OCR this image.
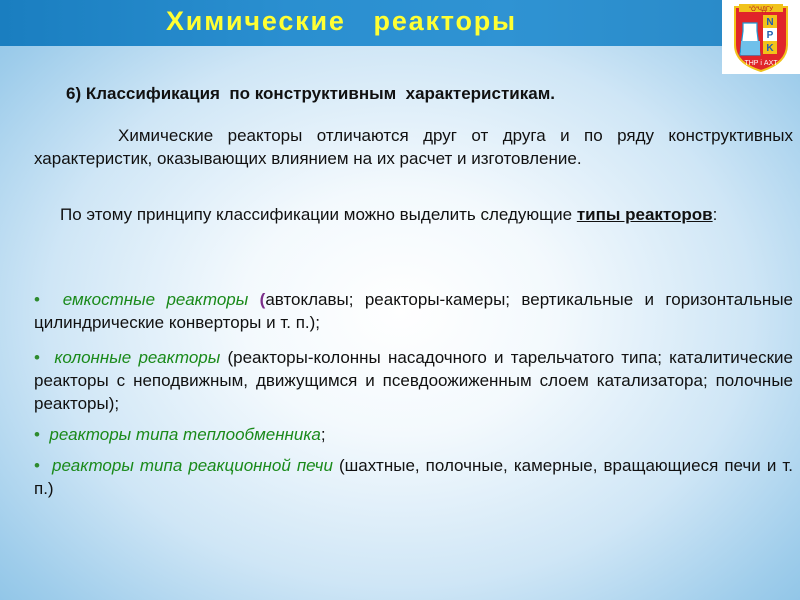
Химические   реакторы	"Ӧ"ЧДГУ
N
P
K
ТНР і АХТ
6) Классификация  по конструктивным  характеристикам.
Химические реакторы отличаются друг от друга и по ряду конструктивных характеристик, оказывающих влиянием на их расчет и изготовление.
По этому принципу классификации можно выделить следующие типы реакторов:
• емкостные реакторы (автоклавы; реакторы-камеры; вертикальные и горизонтальные цилиндрические конверторы и т. п.);
• колонные реакторы (реакторы-колонны насадочного и тарельчатого типа; каталитические реакторы с неподвижным, движущимся и псевдоожиженным слоем катализатора; полочные реакторы);
• реакторы типа теплообменника;
• реакторы типа реакционной печи (шахтные, полочные, камерные, вращающиеся печи и т. п.)
